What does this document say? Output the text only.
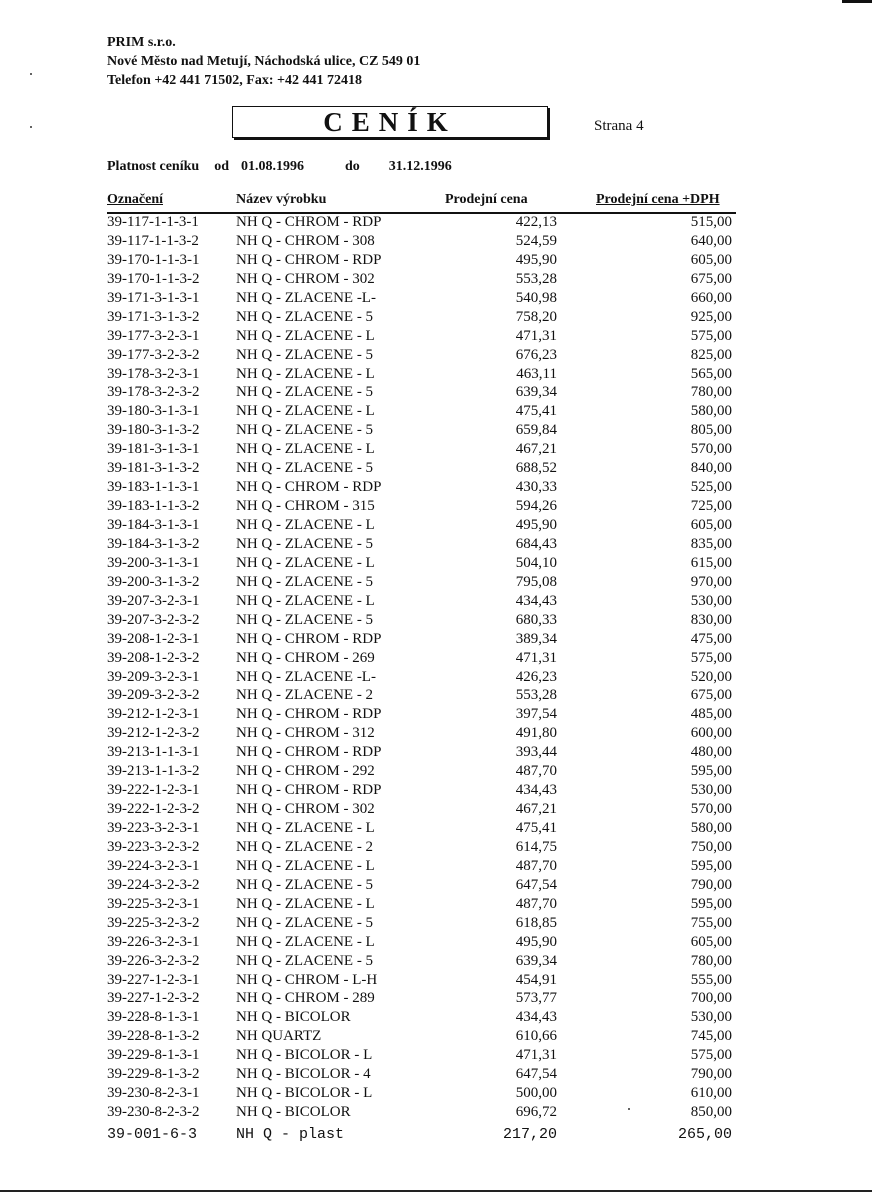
PRIM s.r.o.
Nové Město nad Metují, Náchodská ulice, CZ 549 01
Telefon +42 441 71502, Fax: +42 441 72418
CENÍK	Strana 4
Platnost ceníku od 01.08.1996	do 31.12.1996
Označení	Název výrobku	Prodejní cena	Prodejní cena +DPH
39-117-1-1-3-1 NH Q - CHROM - RDP	422,13	515,00
39-117-1-1-3-2 NH Q - CHROM - 308	524,59	640,00
39-170-1-1-3-1 NH Q - CHROM - RDP	495,90	605,00
39-170-1-1-3-2 NH Q - CHROM - 302	553,28	675,00
39-171-3-1-3-1 NH Q - ZLACENE -L-	540,98	660,00
39-171-3-1-3-2 NH Q - ZLACENE - 5	758,20	925,00
39-177-3-2-3-1 NH Q - ZLACENE - L	471,31	575,00
39-177-3-2-3-2 NH Q - ZLACENE - 5	676,23	825,00
39-178-3-2-3-1 NH Q - ZLACENE - L	463,11	565,00
39-178-3-2-3-2 NH Q - ZLACENE - 5	639,34	780,00
39-180-3-1-3-1 NH Q - ZLACENE - L	475,41	580,00
39-180-3-1-3-2 NH Q - ZLACENE - 5	659,84	805,00
39-181-3-1-3-1 NH Q - ZLACENE - L	467,21	570,00
39-181-3-1-3-2 NH Q - ZLACENE - 5	688,52	840,00
39-183-1-1-3-1 NH Q - CHROM - RDP	430,33	525,00
39-183-1-1-3-2 NH Q - CHROM - 315	594,26	725,00
39-184-3-1-3-1 NH Q - ZLACENE - L	495,90	605,00
39-184-3-1-3-2 NH Q - ZLACENE - 5	684,43	835,00
39-200-3-1-3-1 NH Q - ZLACENE - L	504,10	615,00
39-200-3-1-3-2 NH Q - ZLACENE - 5	795,08	970,00
39-207-3-2-3-1 NH Q - ZLACENE - L	434,43	530,00
39-207-3-2-3-2 NH Q - ZLACENE - 5	680,33	830,00
39-208-1-2-3-1 NH Q - CHROM - RDP	389,34	475,00
39-208-1-2-3-2 NH Q - CHROM - 269	471,31	575,00
39-209-3-2-3-1 NH Q - ZLACENE -L-	426,23	520,00
39-209-3-2-3-2 NH Q - ZLACENE - 2	553,28	675,00
39-212-1-2-3-1 NH Q - CHROM - RDP	397,54	485,00
39-212-1-2-3-2 NH Q - CHROM - 312	491,80	600,00
39-213-1-1-3-1 NH Q - CHROM - RDP	393,44	480,00
39-213-1-1-3-2 NH Q - CHROM - 292	487,70	595,00
39-222-1-2-3-1 NH Q - CHROM - RDP	434,43	530,00
39-222-1-2-3-2 NH Q - CHROM - 302	467,21	570,00
39-223-3-2-3-1 NH Q - ZLACENE - L	475,41	580,00
39-223-3-2-3-2 NH Q - ZLACENE - 2	614,75	750,00
39-224-3-2-3-1 NH Q - ZLACENE - L	487,70	595,00
39-224-3-2-3-2 NH Q - ZLACENE - 5	647,54	790,00
39-225-3-2-3-1 NH Q - ZLACENE - L	487,70	595,00
39-225-3-2-3-2 NH Q - ZLACENE - 5	618,85	755,00
39-226-3-2-3-1 NH Q - ZLACENE - L	495,90	605,00
39-226-3-2-3-2 NH Q - ZLACENE - 5	639,34	780,00
39-227-1-2-3-1 NH Q - CHROM - L-H	454,91	555,00
39-227-1-2-3-2 NH Q - CHROM - 289	573,77	700,00
39-228-8-1-3-1 NH Q - BICOLOR	434,43	530,00
39-228-8-1-3-2 NH QUARTZ	610,66	745,00
39-229-8-1-3-1 NH Q - BICOLOR - L	471,31	575,00
39-229-8-1-3-2 NH Q - BICOLOR - 4	647,54	790,00
39-230-8-2-3-1 NH Q - BICOLOR - L	500,00	610,00
39-230-8-2-3-2 NH Q - BICOLOR	696,72	850,00
39-001-6-3	NH Q - plast	217,20	265,00
